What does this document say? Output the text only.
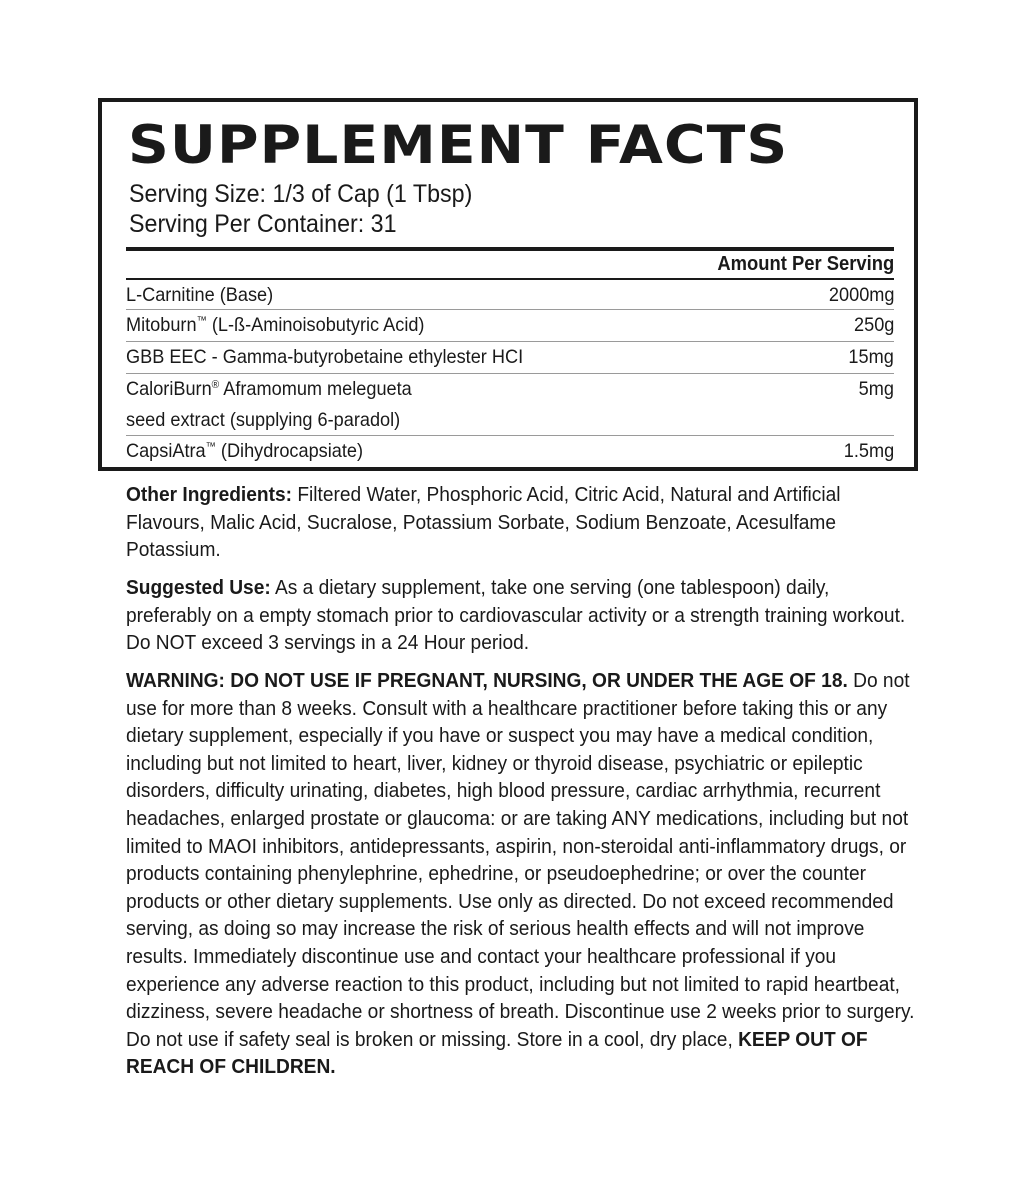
SUPPLEMENT FACTS
Serving Size: 1/3 of Cap (1 Tbsp)
Serving Per Container: 31
Amount Per Serving
L-Carnitine (Base)	2000mg
Mitoburn™ (L-ß-Aminoisobutyric Acid)	250g
GBB EEC - Gamma-butyrobetaine ethylester HCI	15mg
CaloriBurn® Aframomum melegueta
seed extract (supplying 6-paradol)
5mg
CapsiAtra™ (Dihydrocapsiate)	1.5mg
Other Ingredients: Filtered Water, Phosphoric Acid, Citric Acid, Natural and Artificial Flavours, Malic Acid, Sucralose, Potassium Sorbate, Sodium Benzoate, Acesulfame Potassium.
Suggested Use: As a dietary supplement, take one serving (one tablespoon) daily, preferably on a empty stomach prior to cardiovascular activity or a strength training workout. Do NOT exceed 3 servings in a 24 Hour period.
WARNING: DO NOT USE IF PREGNANT, NURSING, OR UNDER THE AGE OF 18. Do not use for more than 8 weeks. Consult with a healthcare practitioner before taking this or any dietary supplement, especially if you have or suspect you may have a medical condition, including but not limited to heart, liver, kidney or thyroid disease, psychiatric or epileptic disorders, difficulty urinating, diabetes, high blood pressure, cardiac arrhythmia, recurrent headaches, enlarged prostate or glaucoma: or are taking ANY medications, including but not limited to MAOI inhibitors, antidepressants, aspirin, non-steroidal anti-inflammatory drugs, or products containing phenylephrine, ephedrine, or pseudoephedrine; or over the counter products or other dietary supplements. Use only as directed. Do not exceed recommended serving, as doing so may increase the risk of serious health effects and will not improve results. Immediately discontinue use and contact your healthcare professional if you experience any adverse reaction to this product, including but not limited to rapid heartbeat, dizziness, severe headache or shortness of breath. Discontinue use 2 weeks prior to surgery. Do not use if safety seal is broken or missing. Store in a cool, dry place, KEEP OUT OF REACH OF CHILDREN.
